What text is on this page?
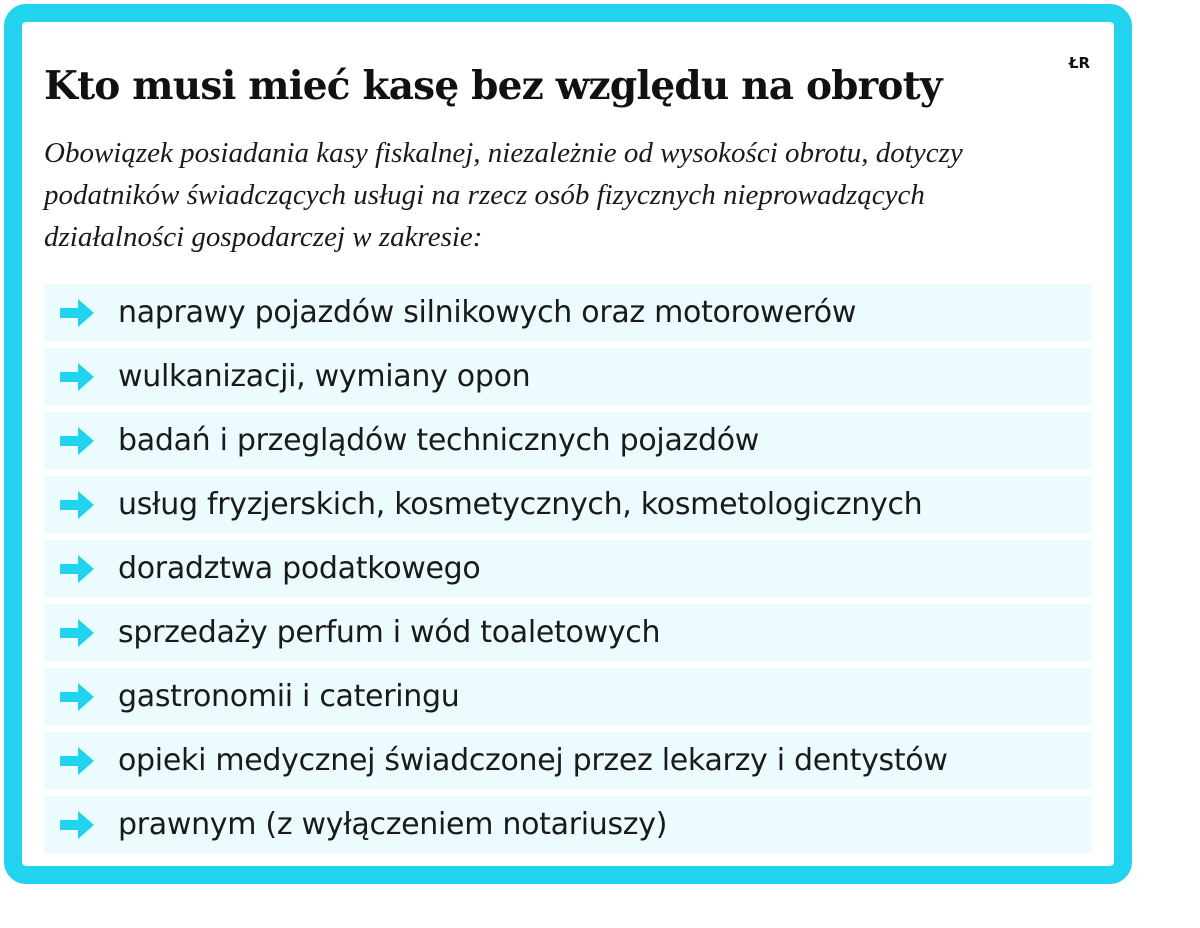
ŁR
Kto musi mieć kasę bez względu na obroty

Obowiązek posiadania kasy fiskalnej, niezależnie od wysokości obrotu, dotyczy podatników świadczących usługi na rzecz osób fizycznych nieprowadzących działalności gospodarczej w zakresie:

naprawy pojazdów silnikowych oraz motorowerów
wulkanizacji, wymiany opon
badań i przeglądów technicznych pojazdów
usług fryzjerskich, kosmetycznych, kosmetologicznych
doradztwa podatkowego
sprzedaży perfum i wód toaletowych
gastronomii i cateringu
opieki medycznej świadczonej przez lekarzy i dentystów
prawnym (z wyłączeniem notariuszy)
